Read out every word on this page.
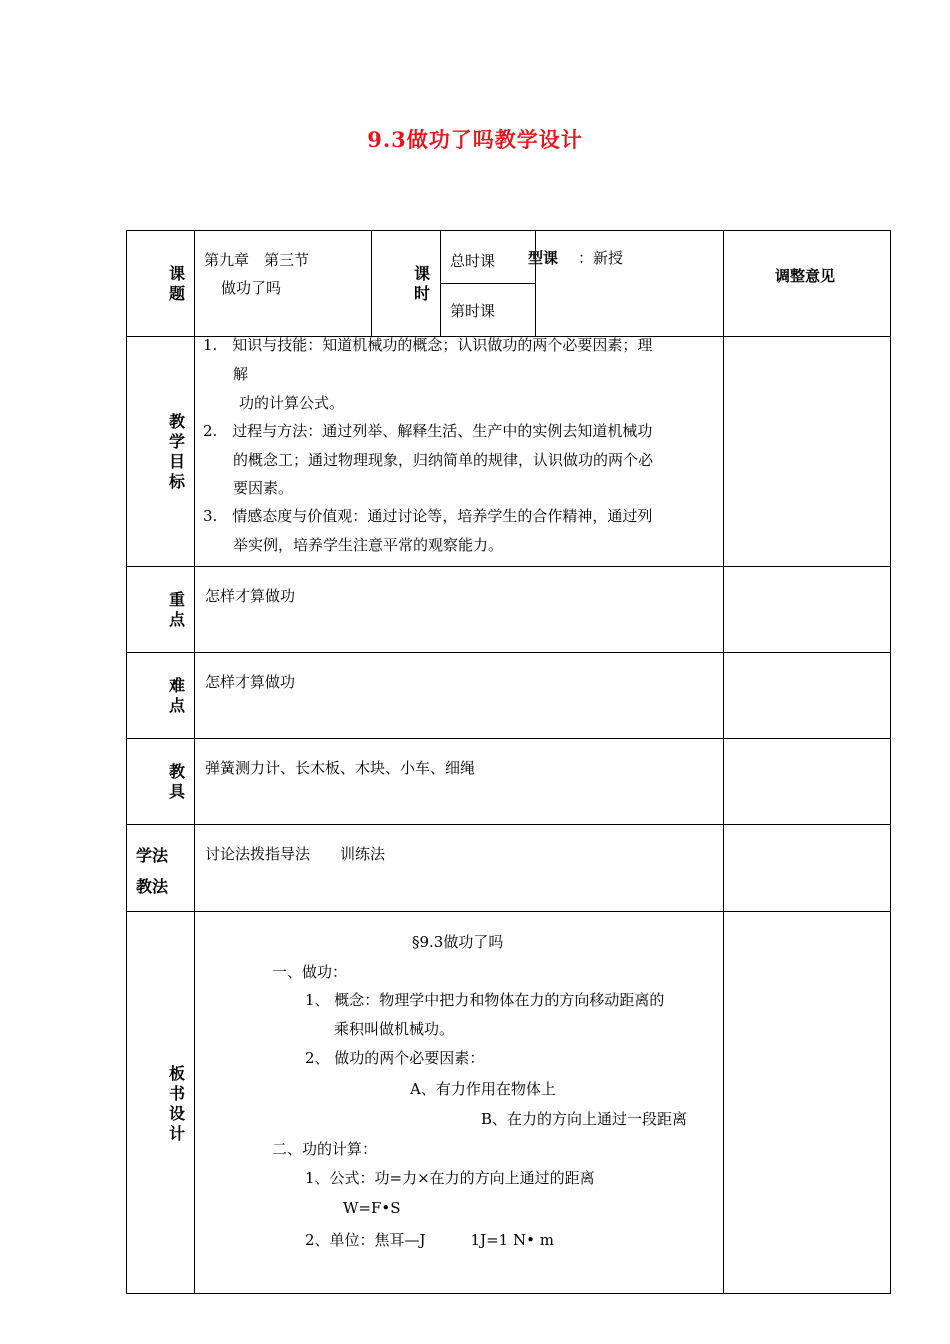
9.3做功了吗教学设计
课
题
第九章　第三节
做功了吗
课
时
总时课
第时课
型课 ：新授
调整意见
教
学
目
标
1.　知识与技能：知道机械功的概念；认识做功的两个必要因素；理
解
功的计算公式。
2.　过程与方法：通过列举、解释生活、生产中的实例去知道机械功
的概念工；通过物理现象，归纳简单的规律，认识做功的两个必
要因素。
3.　情感态度与价值观：通过讨论等，培养学生的合作精神，通过列
举实例，培养学生注意平常的观察能力。
重
点
怎样才算做功
难
点
怎样才算做功
教
具
弹簧测力计、长木板、木块、小车、细绳
学法
教法
讨论法拨指导法　　训练法
板
书
设
计
§9.3做功了吗
一、做功：
1、 概念：物理学中把力和物体在力的方向移动距离的
乘积叫做机械功。
2、 做功的两个必要因素：
A、有力作用在物体上
B、在力的方向上通过一段距离
二、功的计算：
1、公式：功=力×在力的方向上通过的距离
W=F•S
2、单位：焦耳—J　　　1J=1 N• m
